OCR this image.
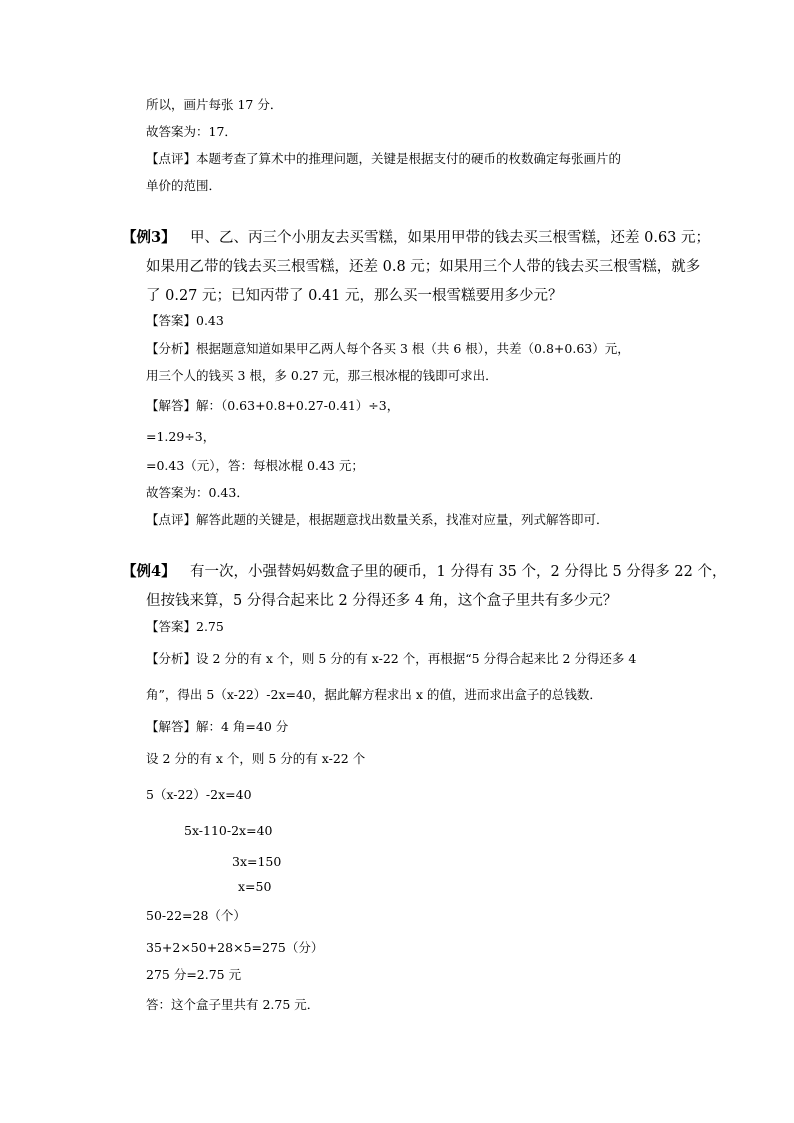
所以，画片每张 17 分．
故答案为：17．
【点评】本题考查了算术中的推理问题，关键是根据支付的硬币的枚数确定每张画片的
单价的范围．
【例3】 甲、乙、丙三个小朋友去买雪糕，如果用甲带的钱去买三根雪糕，还差 0.63 元；
如果用乙带的钱去买三根雪糕，还差 0.8 元；如果用三个人带的钱去买三根雪糕，就多
了 0.27 元；已知丙带了 0.41 元，那么买一根雪糕要用多少元？
【答案】0.43
【分析】根据题意知道如果甲乙两人每个各买 3 根（共 6 根），共差（0.8+0.63）元，
用三个人的钱买 3 根，多 0.27 元，那三根冰棍的钱即可求出．
【解答】解：（0.63+0.8+0.27-0.41）÷3，
=1.29÷3，
=0.43（元），答：每根冰棍 0.43 元；
故答案为：0.43．
【点评】解答此题的关键是，根据题意找出数量关系，找准对应量，列式解答即可．
【例4】 有一次，小强替妈妈数盒子里的硬币，1 分得有 35 个，2 分得比 5 分得多 22 个，
但按钱来算，5 分得合起来比 2 分得还多 4 角，这个盒子里共有多少元？
【答案】2.75
【分析】设 2 分的有 x 个，则 5 分的有 x-22 个，再根据“5 分得合起来比 2 分得还多 4
角”，得出 5（x-22）-2x=40，据此解方程求出 x 的值，进而求出盒子的总钱数．
【解答】解：4 角=40 分
设 2 分的有 x 个，则 5 分的有 x-22 个
5（x-22）-2x=40
5x-110-2x=40
3x=150
x=50
50-22=28（个）
35+2×50+28×5=275（分）
275 分=2.75 元
答：这个盒子里共有 2.75 元．
